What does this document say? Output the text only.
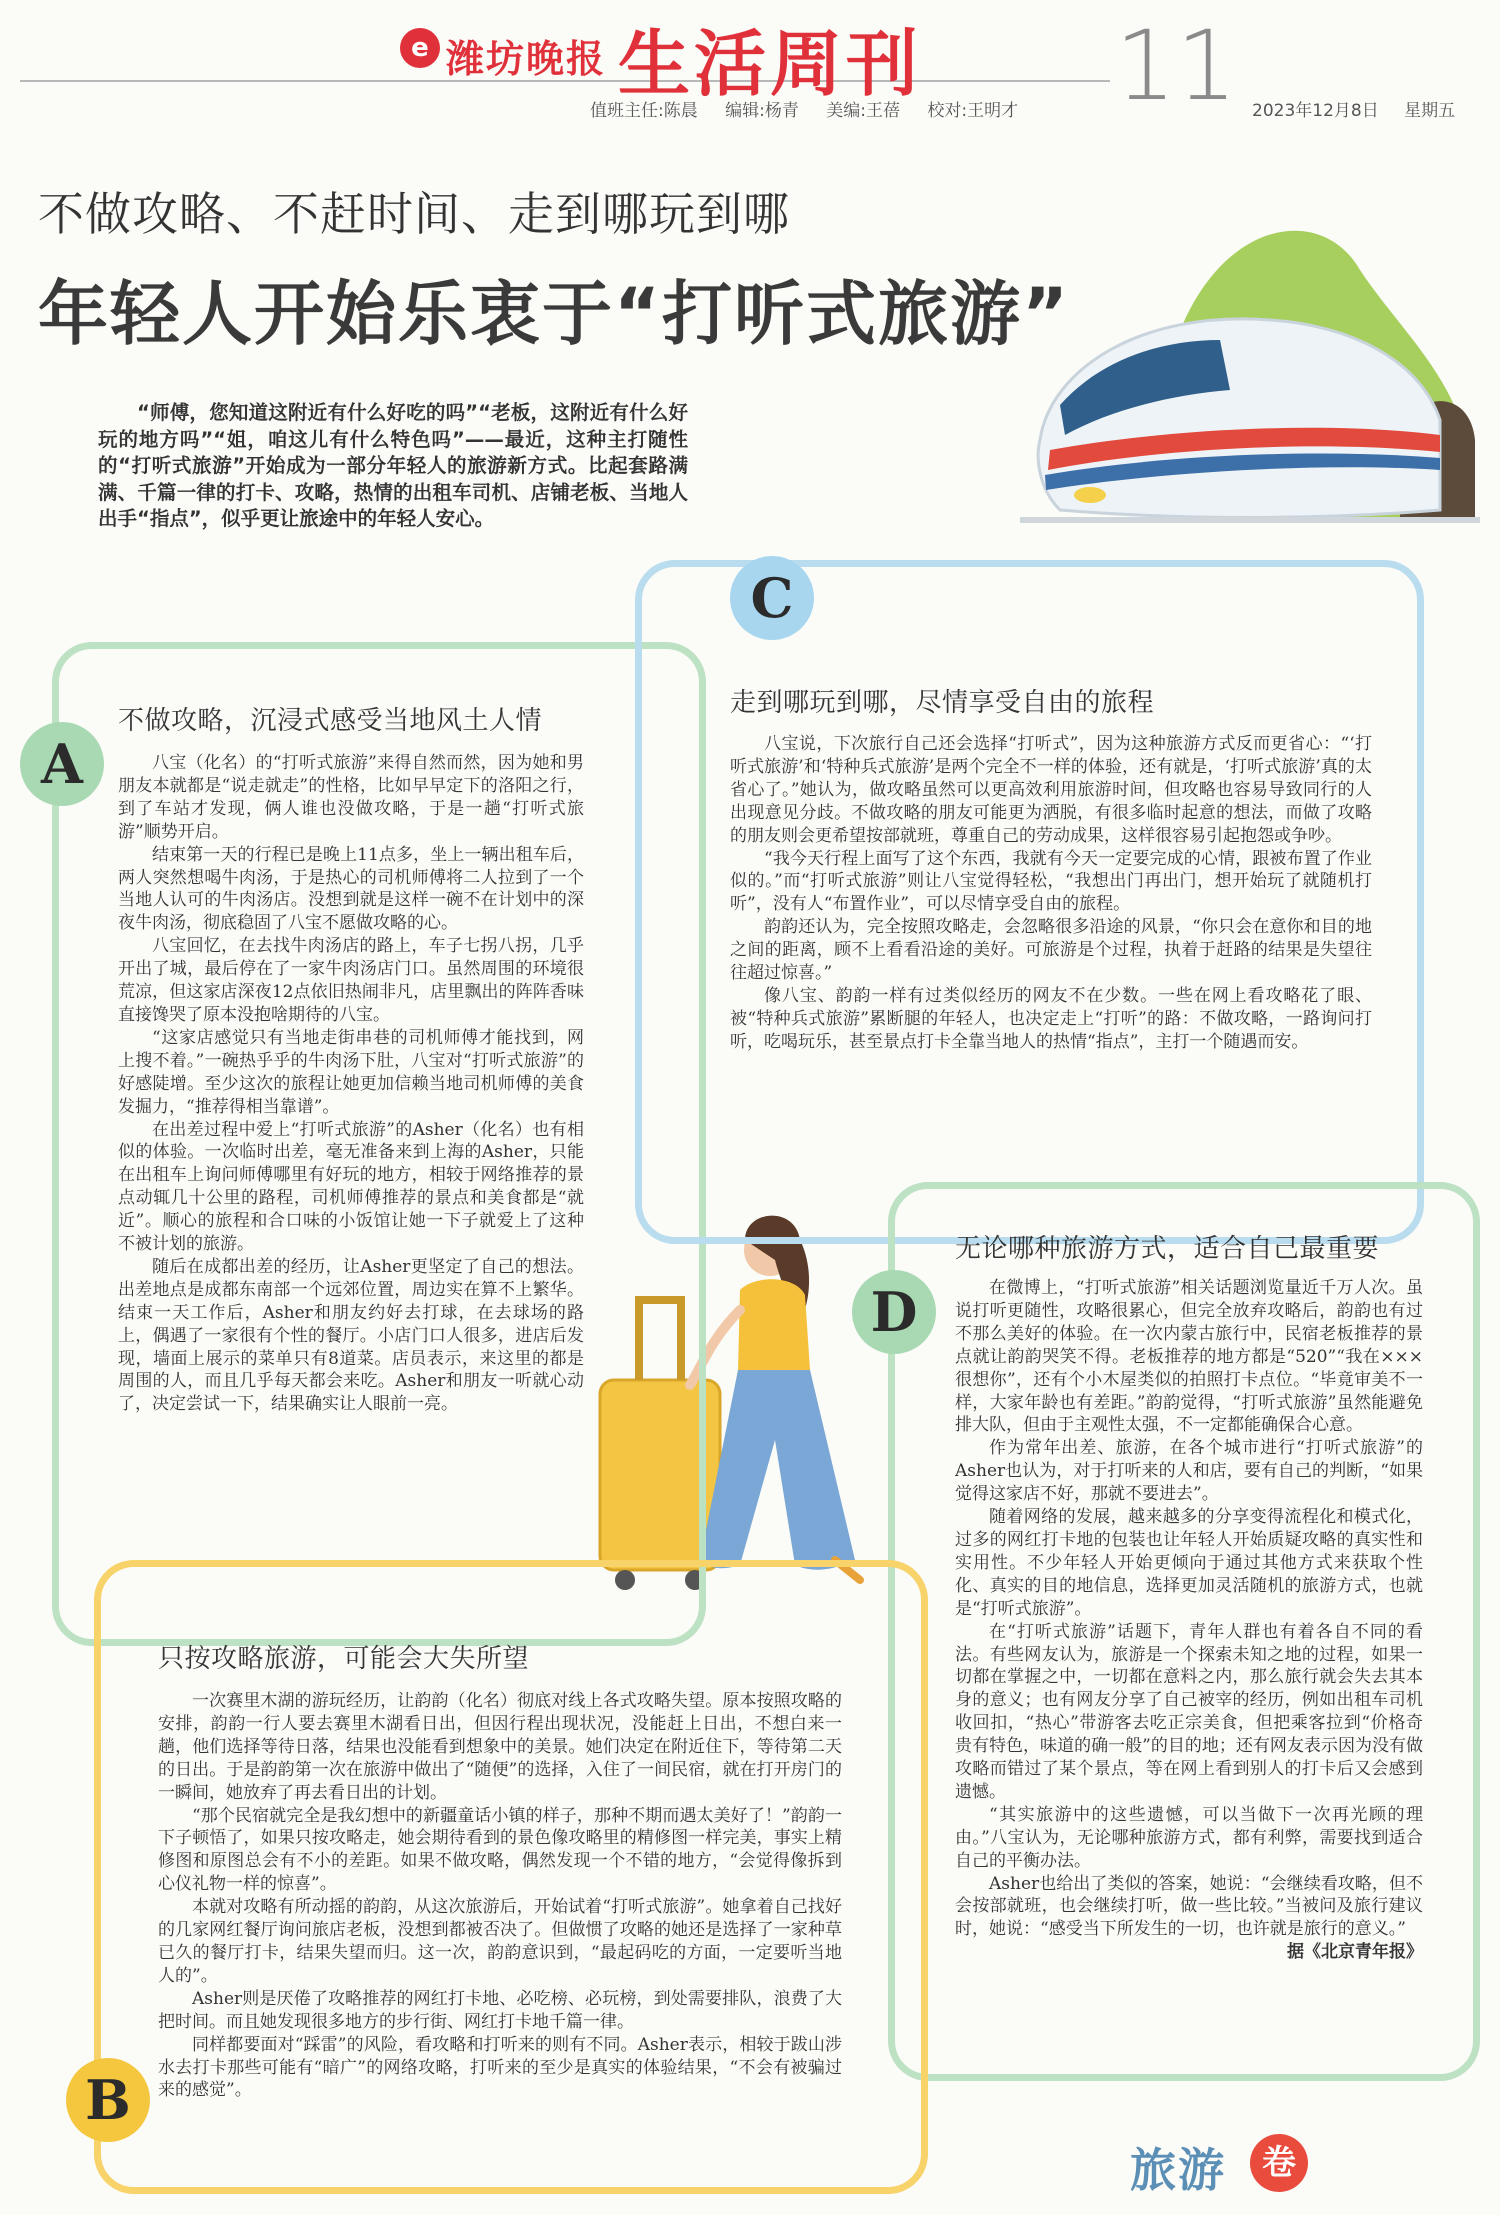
e 潍坊晚报 生活周刊 11
值班主任:陈晨 编辑:杨青 美编:王蓓 校对:王明才	2023年12月8日 星期五
不做攻略、不赶时间、走到哪玩到哪
年轻人开始乐衷于“打听式旅游”
“师傅，您知道这附近有什么好吃的吗”“老板，这附近有什么好玩的地方吗”“姐，咱这儿有什么特色吗”——最近，这种主打随性的“打听式旅游”开始成为一部分年轻人的旅游新方式。比起套路满满、千篇一律的打卡、攻略，热情的出租车司机、店铺老板、当地人出手“指点”，似乎更让旅途中的年轻人安心。
A
C
D
B
不做攻略，沉浸式感受当地风土人情

八宝（化名）的“打听式旅游”来得自然而然，因为她和男朋友本就都是“说走就走”的性格，比如早早定下的洛阳之行，到了车站才发现，俩人谁也没做攻略，于是一趟“打听式旅游”顺势开启。

结束第一天的行程已是晚上11点多，坐上一辆出租车后，两人突然想喝牛肉汤，于是热心的司机师傅将二人拉到了一个当地人认可的牛肉汤店。没想到就是这样一碗不在计划中的深夜牛肉汤，彻底稳固了八宝不愿做攻略的心。

八宝回忆，在去找牛肉汤店的路上，车子七拐八拐，几乎开出了城，最后停在了一家牛肉汤店门口。虽然周围的环境很荒凉，但这家店深夜12点依旧热闹非凡，店里飘出的阵阵香味直接馋哭了原本没抱啥期待的八宝。

“这家店感觉只有当地走街串巷的司机师傅才能找到，网上搜不着。”一碗热乎乎的牛肉汤下肚，八宝对“打听式旅游”的好感陡增。至少这次的旅程让她更加信赖当地司机师傅的美食发掘力，“推荐得相当靠谱”。

在出差过程中爱上“打听式旅游”的Asher（化名）也有相似的体验。一次临时出差，毫无准备来到上海的Asher，只能在出租车上询问师傅哪里有好玩的地方，相较于网络推荐的景点动辄几十公里的路程，司机师傅推荐的景点和美食都是“就近”。顺心的旅程和合口味的小饭馆让她一下子就爱上了这种不被计划的旅游。

随后在成都出差的经历，让Asher更坚定了自己的想法。出差地点是成都东南部一个远郊位置，周边实在算不上繁华。结束一天工作后，Asher和朋友约好去打球，在去球场的路上，偶遇了一家很有个性的餐厅。小店门口人很多，进店后发现，墙面上展示的菜单只有8道菜。店员表示，来这里的都是周围的人，而且几乎每天都会来吃。Asher和朋友一听就心动了，决定尝试一下，结果确实让人眼前一亮。

走到哪玩到哪，尽情享受自由的旅程

八宝说，下次旅行自己还会选择“打听式”，因为这种旅游方式反而更省心：“‘打听式旅游’和‘特种兵式旅游’是两个完全不一样的体验，还有就是，‘打听式旅游’真的太省心了。”她认为，做攻略虽然可以更高效利用旅游时间，但攻略也容易导致同行的人出现意见分歧。不做攻略的朋友可能更为洒脱，有很多临时起意的想法，而做了攻略的朋友则会更希望按部就班，尊重自己的劳动成果，这样很容易引起抱怨或争吵。

“我今天行程上面写了这个东西，我就有今天一定要完成的心情，跟被布置了作业似的。”而“打听式旅游”则让八宝觉得轻松，“我想出门再出门，想开始玩了就随机打听”，没有人“布置作业”，可以尽情享受自由的旅程。

韵韵还认为，完全按照攻略走，会忽略很多沿途的风景，“你只会在意你和目的地之间的距离，顾不上看看沿途的美好。可旅游是个过程，执着于赶路的结果是失望往往超过惊喜。”

像八宝、韵韵一样有过类似经历的网友不在少数。一些在网上看攻略花了眼、被“特种兵式旅游”累断腿的年轻人，也决定走上“打听”的路：不做攻略，一路询问打听，吃喝玩乐，甚至景点打卡全靠当地人的热情“指点”，主打一个随遇而安。

无论哪种旅游方式，适合自己最重要

在微博上，“打听式旅游”相关话题浏览量近千万人次。虽说打听更随性，攻略很累心，但完全放弃攻略后，韵韵也有过不那么美好的体验。在一次内蒙古旅行中，民宿老板推荐的景点就让韵韵哭笑不得。老板推荐的地方都是“520”“我在×××很想你”，还有个小木屋类似的拍照打卡点位。“毕竟审美不一样，大家年龄也有差距。”韵韵觉得，“打听式旅游”虽然能避免排大队，但由于主观性太强，不一定都能确保合心意。

作为常年出差、旅游，在各个城市进行“打听式旅游”的Asher也认为，对于打听来的人和店，要有自己的判断，“如果觉得这家店不好，那就不要进去”。

随着网络的发展，越来越多的分享变得流程化和模式化，过多的网红打卡地的包装也让年轻人开始质疑攻略的真实性和实用性。不少年轻人开始更倾向于通过其他方式来获取个性化、真实的目的地信息，选择更加灵活随机的旅游方式，也就是“打听式旅游”。

在“打听式旅游”话题下，青年人群也有着各自不同的看法。有些网友认为，旅游是一个探索未知之地的过程，如果一切都在掌握之中，一切都在意料之内，那么旅行就会失去其本身的意义；也有网友分享了自己被宰的经历，例如出租车司机收回扣，“热心”带游客去吃正宗美食，但把乘客拉到“价格奇贵有特色，味道的确一般”的目的地；还有网友表示因为没有做攻略而错过了某个景点，等在网上看到别人的打卡后又会感到遗憾。

“其实旅游中的这些遗憾，可以当做下一次再光顾的理由。”八宝认为，无论哪种旅游方式，都有利弊，需要找到适合自己的平衡办法。

Asher也给出了类似的答案，她说：“会继续看攻略，但不会按部就班，也会继续打听，做一些比较。”当被问及旅行建议时，她说：“感受当下所发生的一切，也许就是旅行的意义。”

据《北京青年报》

只按攻略旅游，可能会大失所望

一次赛里木湖的游玩经历，让韵韵（化名）彻底对线上各式攻略失望。原本按照攻略的安排，韵韵一行人要去赛里木湖看日出，但因行程出现状况，没能赶上日出，不想白来一趟，他们选择等待日落，结果也没能看到想象中的美景。她们决定在附近住下，等待第二天的日出。于是韵韵第一次在旅游中做出了“随便”的选择，入住了一间民宿，就在打开房门的一瞬间，她放弃了再去看日出的计划。

“那个民宿就完全是我幻想中的新疆童话小镇的样子，那种不期而遇太美好了！”韵韵一下子顿悟了，如果只按攻略走，她会期待看到的景色像攻略里的精修图一样完美，事实上精修图和原图总会有不小的差距。如果不做攻略，偶然发现一个不错的地方，“会觉得像拆到心仪礼物一样的惊喜”。

本就对攻略有所动摇的韵韵，从这次旅游后，开始试着“打听式旅游”。她拿着自己找好的几家网红餐厅询问旅店老板，没想到都被否决了。但做惯了攻略的她还是选择了一家种草已久的餐厅打卡，结果失望而归。这一次，韵韵意识到，“最起码吃的方面，一定要听当地人的”。

Asher则是厌倦了攻略推荐的网红打卡地、必吃榜、必玩榜，到处需要排队，浪费了大把时间。而且她发现很多地方的步行街、网红打卡地千篇一律。

同样都要面对“踩雷”的风险，看攻略和打听来的则有不同。Asher表示，相较于跋山涉水去打卡那些可能有“暗广”的网络攻略，打听来的至少是真实的体验结果，“不会有被骗过来的感觉”。

旅游	卷
